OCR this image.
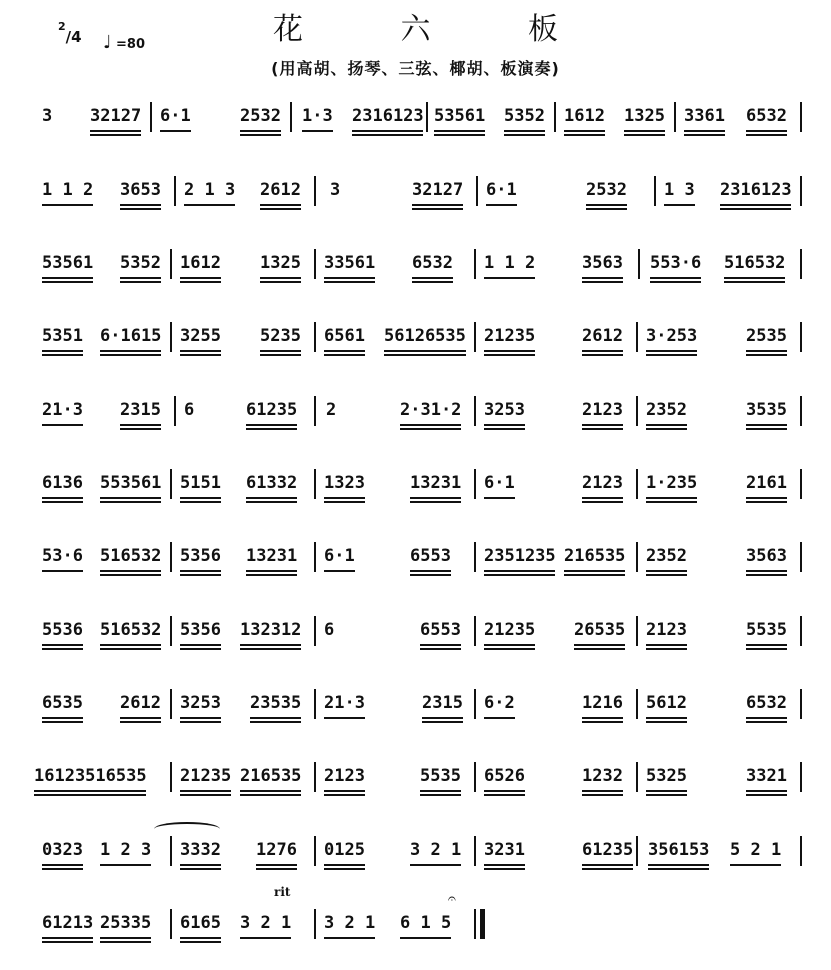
花 六 板
(用高胡、扬琴、三弦、椰胡、板演奏)
$^2$/4 ♩ =80
3 32127 6·1	2532 1·3 2316123 53561 5352 1612 1325 3361 6532
1 1 2 3653 2 1 3 2612 3	32127 6·1	2532 1 3 2316123
53561 5352 1612 1325 33561 6532 1 1 2	3563 553·6 516532
5351 6·1615 3255 5235 6561 56126535 21235	2612 3·253	2535
21·3 2315 6	61235 2	2·31·2 3253	2123 2352	3535
6136 553561 5151 61332 1323	13231 6·1	2123 1·235	2161
53·6 516532 5356 13231 6·1	6553 2351235 216535 2352	3563
5536 516532 5356 132312 6	6553 21235 26535 2123	5535
6535 2612 3253 23535 21·3	2315 6·2	1216 5612	6532
16123516535 21235 216535 2123	5535 6526	1232 5325	3321
0323 1 2 3 3332 1276 0125	3 2 1 3231	61235 356153 5 2 1
61213 25335 6165 3 2 1 3 2 1 6 1 5
rit	𝄐
